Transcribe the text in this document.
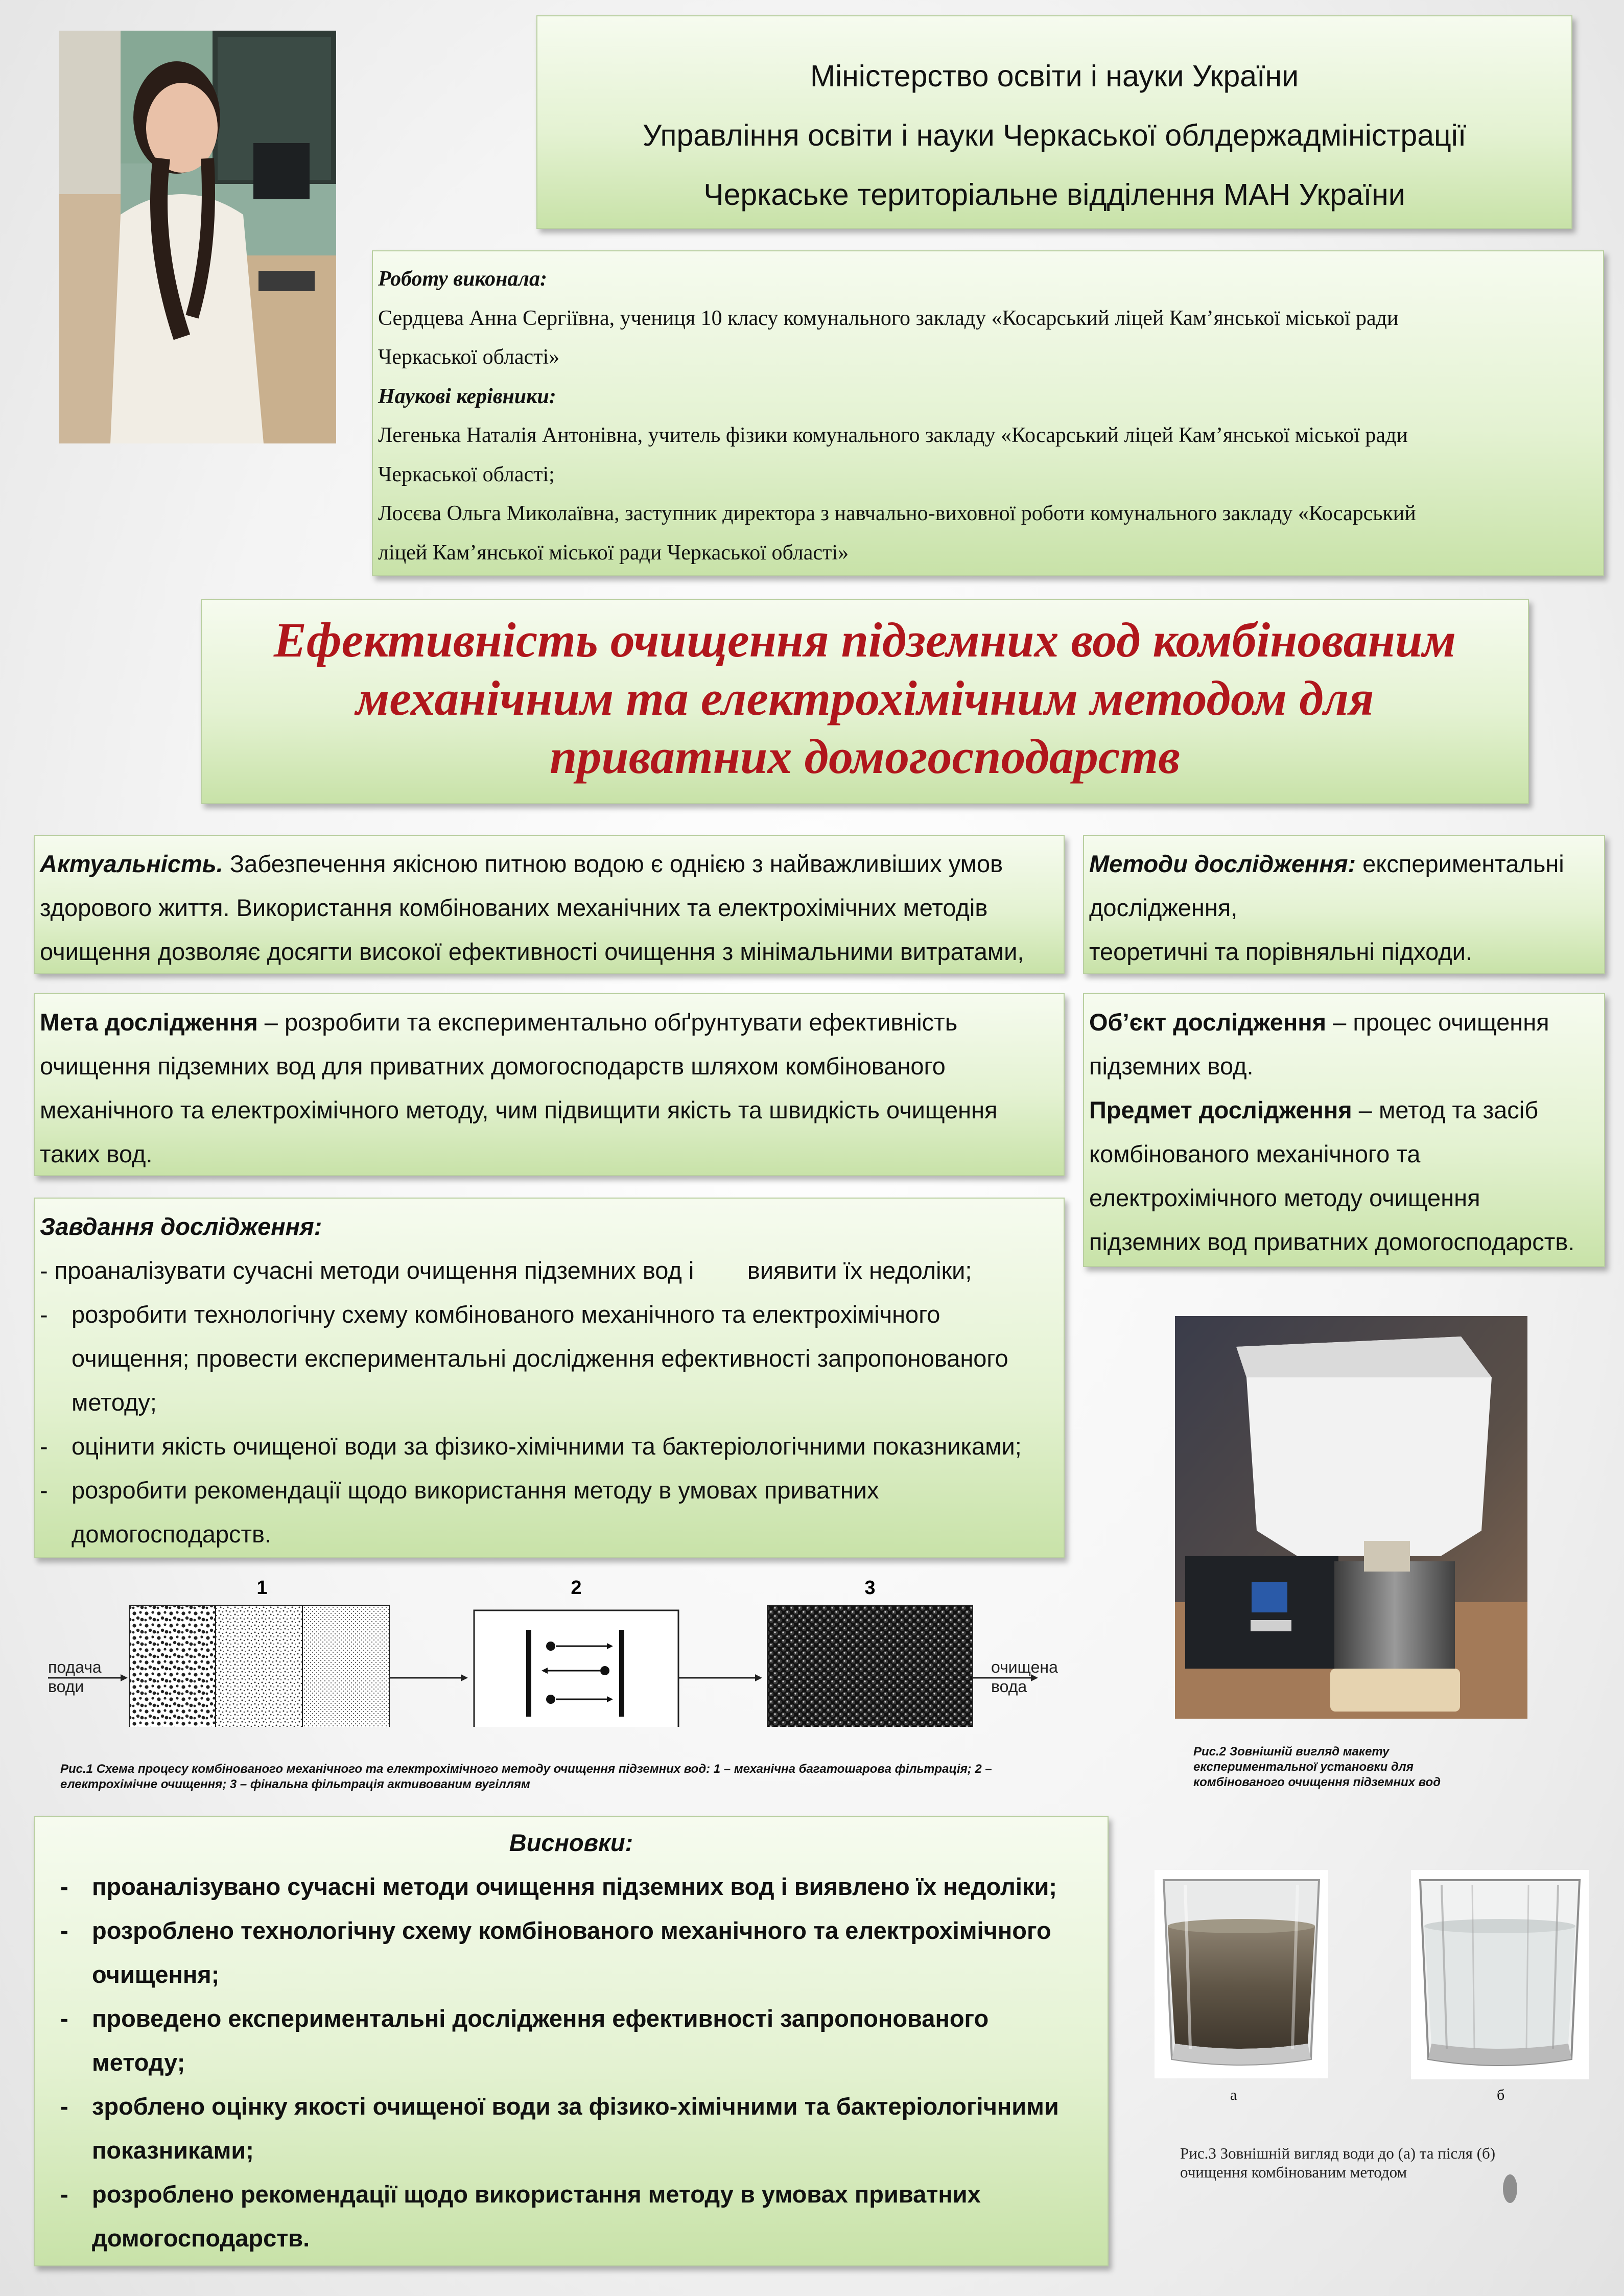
Міністерство освіти і науки України
Управління освіти і науки Черкаської облдержадміністрації
Черкаське територіальне відділення МАН України
Роботу виконала:
Сердцева Анна Сергіївна, учениця 10 класу комунального закладу «Косарський ліцей Кам’янської міської ради
Черкаської області»
Наукові керівники:
Легенька Наталія Антонівна, учитель фізики комунального закладу «Косарський ліцей Кам’янської міської ради
Черкаської області;
Лосєва Ольга Миколаївна, заступник директора з навчально-виховної роботи комунального закладу «Косарський
ліцей Кам’янської міської ради Черкаської області»
Ефективність очищення підземних вод комбінованим
механічним та електрохімічним методом для
приватних домогосподарств
Актуальність. Забезпечення якісною питною водою є однією з найважливіших умов
здорового життя. Використання комбінованих механічних та електрохімічних методів
очищення дозволяє досягти високої ефективності очищення з мінімальними витратами,
Методи дослідження: експериментальні
дослідження,
теоретичні та порівняльні підходи.
Мета дослідження – розробити та експериментально обґрунтувати ефективність
очищення підземних вод для приватних домогосподарств шляхом комбінованого
механічного та електрохімічного методу, чим підвищити якість та швидкість очищення
таких вод.
Об’єкт дослідження – процес очищення
підземних вод.
Предмет дослідження – метод та засіб
комбінованого механічного та
електрохімічного методу очищення
підземних вод приватних домогосподарств.
Завдання дослідження:
- проаналізувати сучасні методи очищення підземних вод і        виявити їх недоліки;
- розробити технологічну схему комбінованого механічного та електрохімічного
очищення; провести експериментальні дослідження ефективності запропонованого
методу;
- оцінити якість очищеної води за фізико-хімічними та бактеріологічними показниками;
- розробити рекомендації щодо використання методу в умовах приватних
домогосподарств.
1	2	3
подача
води
очищена
вода
Рис.1 Схема процесу комбінованого механічного та електрохімічного методу очищення підземних вод: 1 – механічна багатошарова фільтрація; 2 –
електрохімічне очищення; 3 – фінальна фільтрація активованим вугіллям
Рис.2 Зовнішній вигляд макету
експериментальної установки для
комбінованого очищення підземних вод
Висновки:
- проаналізувано сучасні методи очищення підземних вод і виявлено їх недоліки;
- розроблено технологічну схему комбінованого механічного та електрохімічного
очищення;
- проведено експериментальні дослідження ефективності запропонованого
методу;
- зроблено оцінку якості очищеної води за фізико-хімічними та бактеріологічними
показниками;
- розроблено рекомендації щодо використання методу в умовах приватних
домогосподарств.
а	б
Рис.3 Зовнішній вигляд води до (а) та після (б)
очищення комбінованим методом
